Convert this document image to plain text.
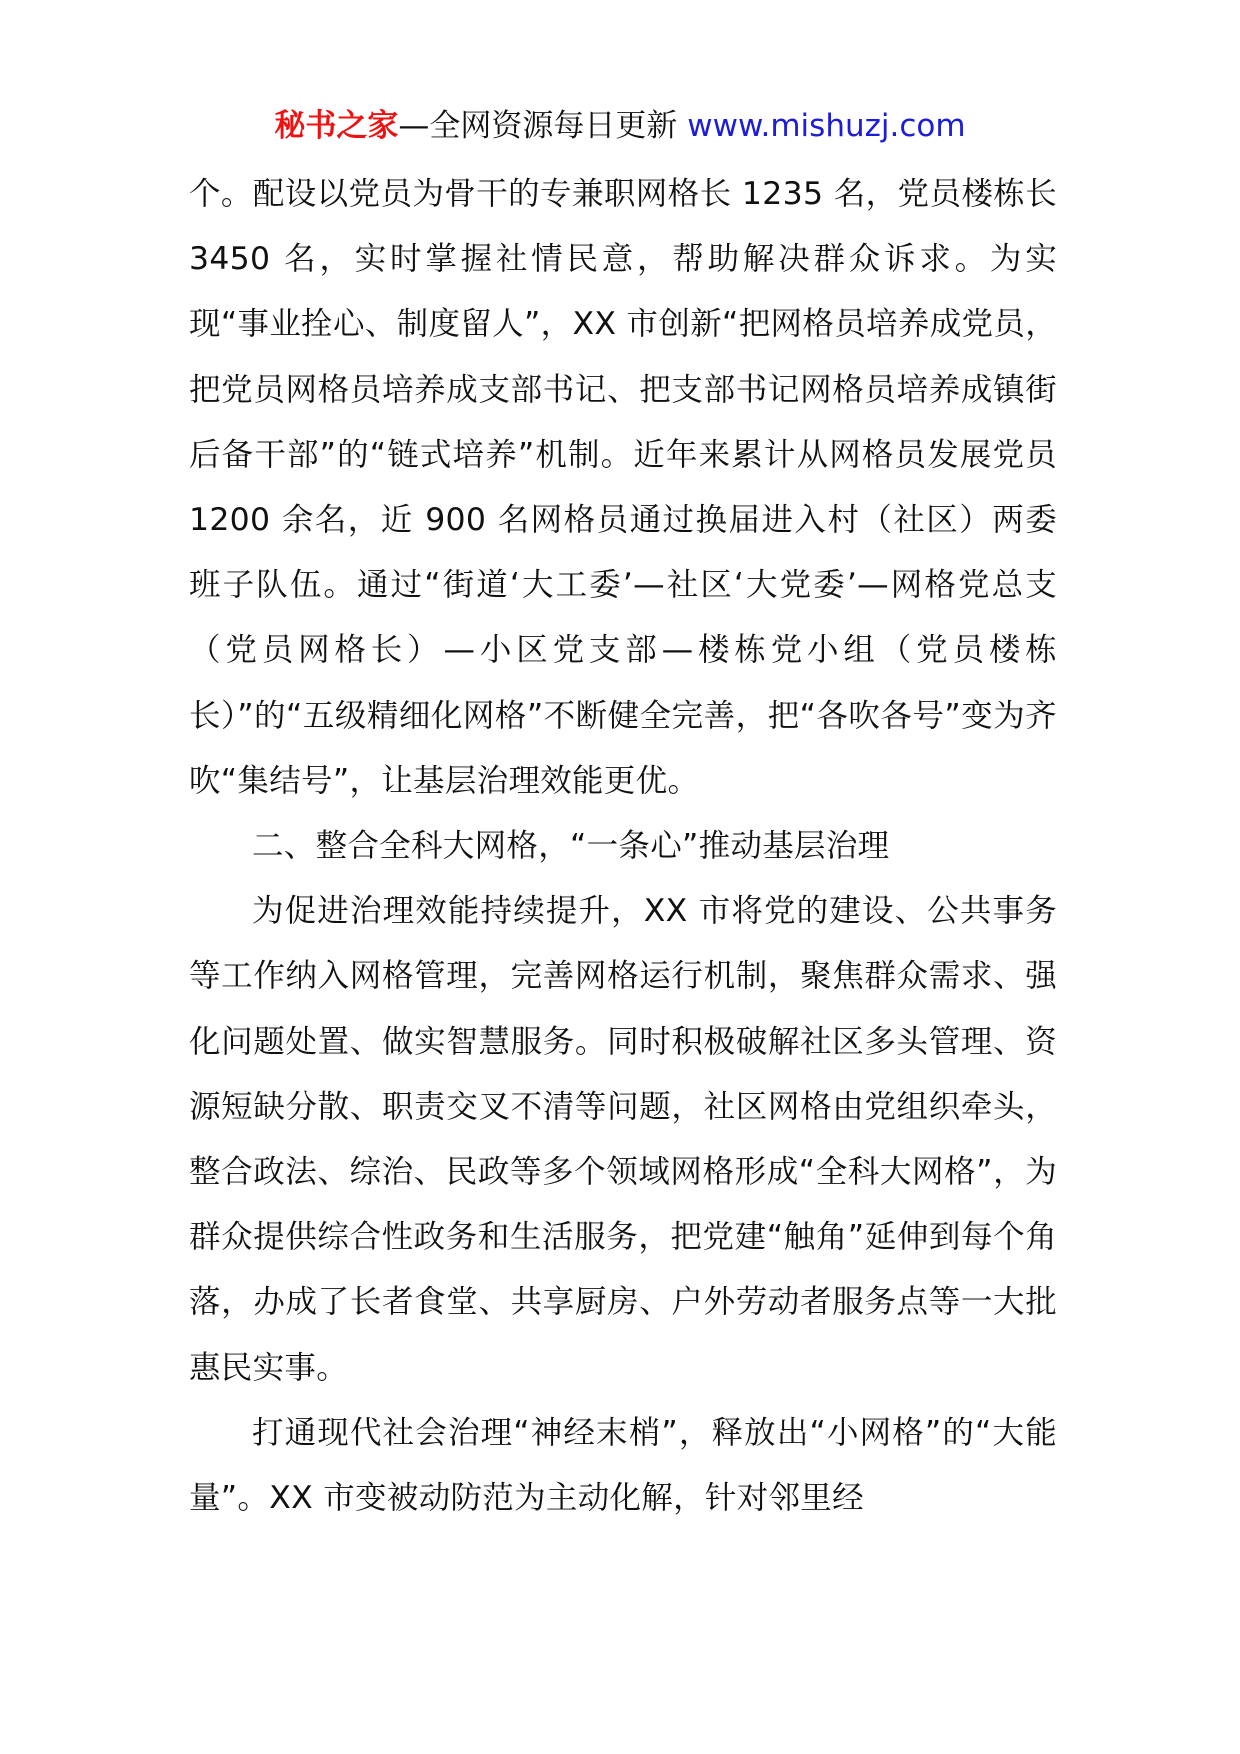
秘书之家—全网资源每日更新 www.mishuzj.com

个。配设以党员为骨干的专兼职网格长 1235 名，党员楼栋长 3450 名，实时掌握社情民意，帮助解决群众诉求。为实现“事业拴心、制度留人”，XX 市创新“把网格员培养成党员，把党员网格员培养成支部书记、把支部书记网格员培养成镇街后备干部”的“链式培养”机制。近年来累计从网格员发展党员 1200 余名，近 900 名网格员通过换届进入村（社区）两委班子队伍。通过“街道‘大工委’—社区‘大党委’—网格党总支（党员网格长）—小区党支部—楼栋党小组（党员楼栋长）”的“五级精细化网格”不断健全完善，把“各吹各号”变为齐吹“集结号”，让基层治理效能更优。

二、整合全科大网格，“一条心”推动基层治理

为促进治理效能持续提升，XX 市将党的建设、公共事务等工作纳入网格管理，完善网格运行机制，聚焦群众需求、强化问题处置、做实智慧服务。同时积极破解社区多头管理、资源短缺分散、职责交叉不清等问题，社区网格由党组织牵头，整合政法、综治、民政等多个领域网格形成“全科大网格”，为群众提供综合性政务和生活服务，把党建“触角”延伸到每个角落，办成了长者食堂、共享厨房、户外劳动者服务点等一大批惠民实事。

打通现代社会治理“神经末梢”，释放出“小网格”的“大能量”。XX 市变被动防范为主动化解，针对邻里经
